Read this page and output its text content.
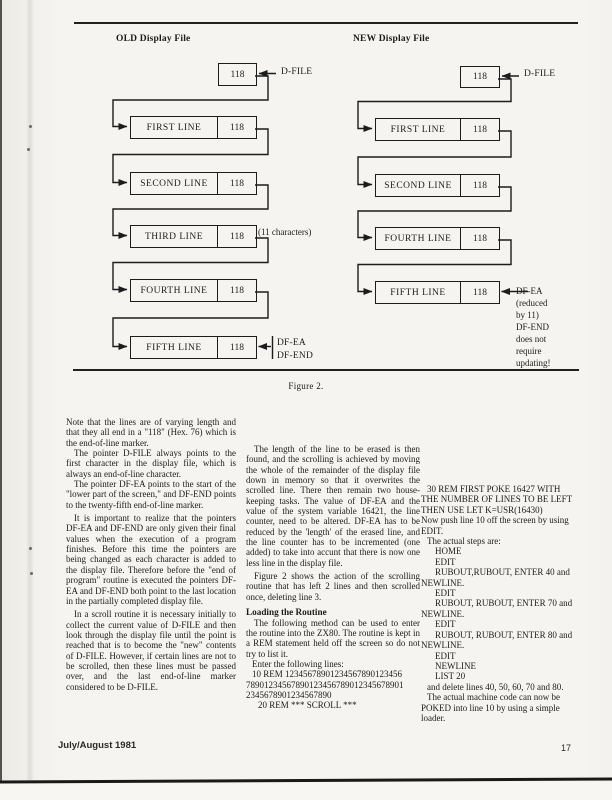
OLD Display File
118	D-FILE
FIRST LINE	118
SECOND LINE	118
THIRD LINE	118	(11 characters)
FOURTH LINE	118
FIFTH LINE	118	DF-EA
DF-END
NEW Display File
118	D-FILE
FIRST LINE	118
SECOND LINE	118
FOURTH LINE	118
FIFTH LINE	118	DF-EA
(reduced
by 11)
DF-END
does not
require
updating!
Figure 2.

Note that the lines are of varying length and that they all end in a "118" (Hex. 76) which is the end-of-line marker.

The pointer D-FILE always points to the first character in the display file, which is always an end-of-line character.

The pointer DF-EA points to the start of the "lower part of the screen," and DF-END points to the twenty-fifth end-of-line marker.

It is important to realize that the pointers DF-EA and DF-END are only given their final values when the execution of a program finishes. Before this time the pointers are being changed as each character is added to the display file. Therefore before the "end of program" routine is executed the pointers DF-EA and DF-END both point to the last location in the partially completed display file.

In a scroll routine it is necessary initially to collect the current value of D-FILE and then look through the display file until the point is reached that is to become the "new" contents of D-FILE. However, if certain lines are not to be scrolled, then these lines must be passed over, and the last end-of-line marker considered to be D-FILE.

The length of the line to be erased is then found, and the scrolling is achieved by moving the whole of the remainder of the display file down in memory so that it overwrites the scrolled line. There then remain two house-keeping tasks. The value of DF-EA and the value of the system variable 16421, the line counter, need to be altered. DF-EA has to be reduced by the 'length' of the erased line, and the line counter has to be incremented (one added) to take into accunt that there is now one less line in the display file.

Figure 2 shows the action of the scrolling routine that has left 2 lines and then scrolled once, deleting line 3.

Loading the Routine

The following method can be used to enter the routine into the ZX80. The routine is kept in a REM statement held off the screen so do not try to list it.

Enter the following lines:
10 REM 12345678901234567890123456
78901234567890123456789012345678901
2345678901234567890
20 REM *** SCROLL ***
30 REM FIRST POKE 16427 WITH
THE NUMBER OF LINES TO BE LEFT
THEN USE LET K=USR(16430)
Now push line 10 off the screen by using
EDIT.
The actual steps are:
HOME
EDIT
RUBOUT,RUBOUT, ENTER 40 and
NEWLINE.
EDIT
RUBOUT, RUBOUT, ENTER 70 and
NEWLINE.
EDIT
RUBOUT, RUBOUT, ENTER 80 and
NEWLINE.
EDIT
NEWLINE
LIST 20
and delete lines 40, 50, 60, 70 and 80.
The actual machine code can now be
POKED into line 10 by using a simple
loader.
July/August 1981	17
